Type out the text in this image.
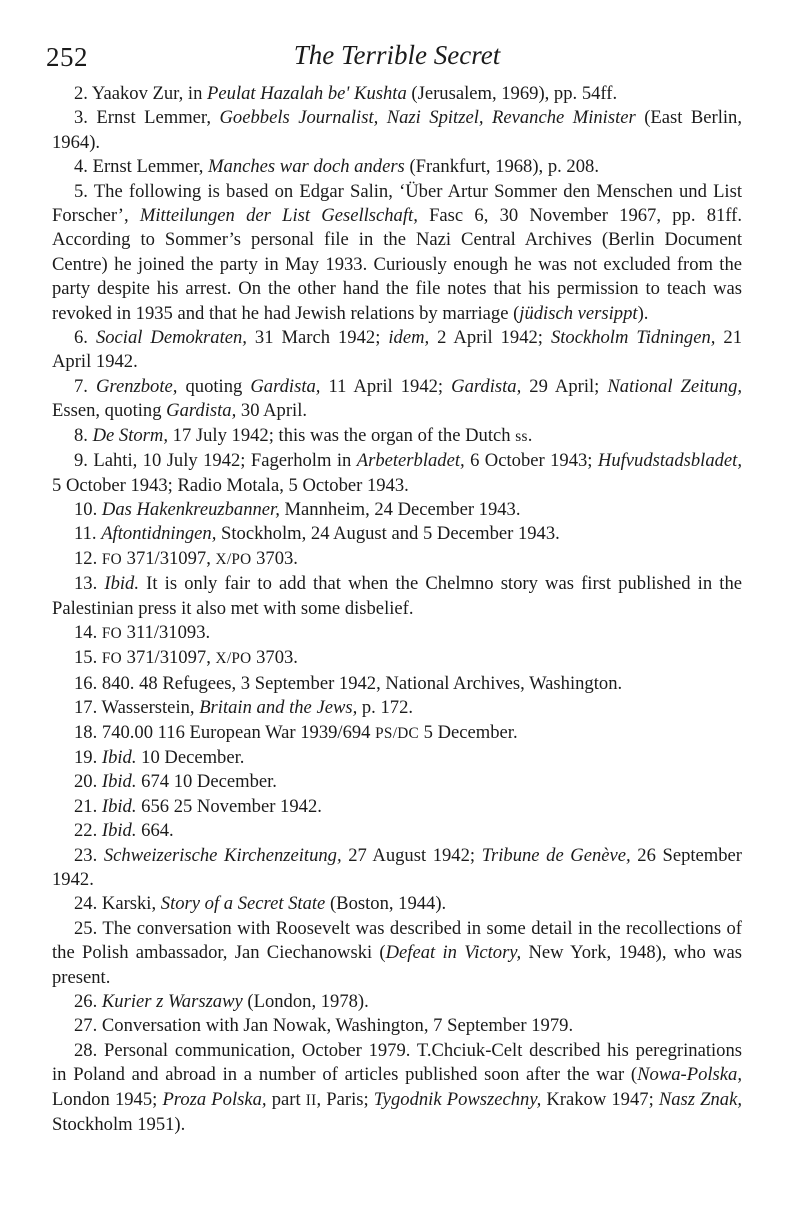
252	The Terrible Secret

2. Yaakov Zur, in Peulat Hazalah be' Kushta (Jerusalem, 1969), pp. 54ff.

3. Ernst Lemmer, Goebbels Journalist, Nazi Spitzel, Revanche Minister (East Berlin, 1964).

4. Ernst Lemmer, Manches war doch anders (Frankfurt, 1968), p. 208.

5. The following is based on Edgar Salin, ‘Über Artur Sommer den Menschen und List Forscher’, Mitteilungen der List Gesellschaft, Fasc 6, 30 November 1967, pp. 81ff. According to Sommer’s personal file in the Nazi Central Archives (Berlin Document Centre) he joined the party in May 1933. Curiously enough he was not excluded from the party despite his arrest. On the other hand the file notes that his permission to teach was revoked in 1935 and that he had Jewish relations by marriage (jüdisch versippt).

6. Social Demokraten, 31 March 1942; idem, 2 April 1942; Stockholm Tidningen, 21 April 1942.

7. Grenzbote, quoting Gardista, 11 April 1942; Gardista, 29 April; National Zeitung, Essen, quoting Gardista, 30 April.

8. De Storm, 17 July 1942; this was the organ of the Dutch ss.

9. Lahti, 10 July 1942; Fagerholm in Arbeterbladet, 6 October 1943; Hufvudstadsbladet, 5 October 1943; Radio Motala, 5 October 1943.

10. Das Hakenkreuzbanner, Mannheim, 24 December 1943.

11. Aftontidningen, Stockholm, 24 August and 5 December 1943.

12. FO 371/31097, X/PO 3703.

13. Ibid. It is only fair to add that when the Chelmno story was first published in the Palestinian press it also met with some disbelief.

14. FO 311/31093.

15. FO 371/31097, X/PO 3703.

16. 840. 48 Refugees, 3 September 1942, National Archives, Washington.

17. Wasserstein, Britain and the Jews, p. 172.

18. 740.00 116 European War 1939/694 PS/DC 5 December.

19. Ibid. 10 December.

20. Ibid. 674 10 December.

21. Ibid. 656 25 November 1942.

22. Ibid. 664.

23. Schweizerische Kirchenzeitung, 27 August 1942; Tribune de Genève, 26 September 1942.

24. Karski, Story of a Secret State (Boston, 1944).

25. The conversation with Roosevelt was described in some detail in the recollections of the Polish ambassador, Jan Ciechanowski (Defeat in Victory, New York, 1948), who was present.

26. Kurier z Warszawy (London, 1978).

27. Conversation with Jan Nowak, Washington, 7 September 1979.

28. Personal communication, October 1979. T.Chciuk-Celt described his peregrinations in Poland and abroad in a number of articles published soon after the war (Nowa-Polska, London 1945; Proza Polska, part II, Paris; Tygodnik Powszechny, Krakow 1947; Nasz Znak, Stockholm 1951).
